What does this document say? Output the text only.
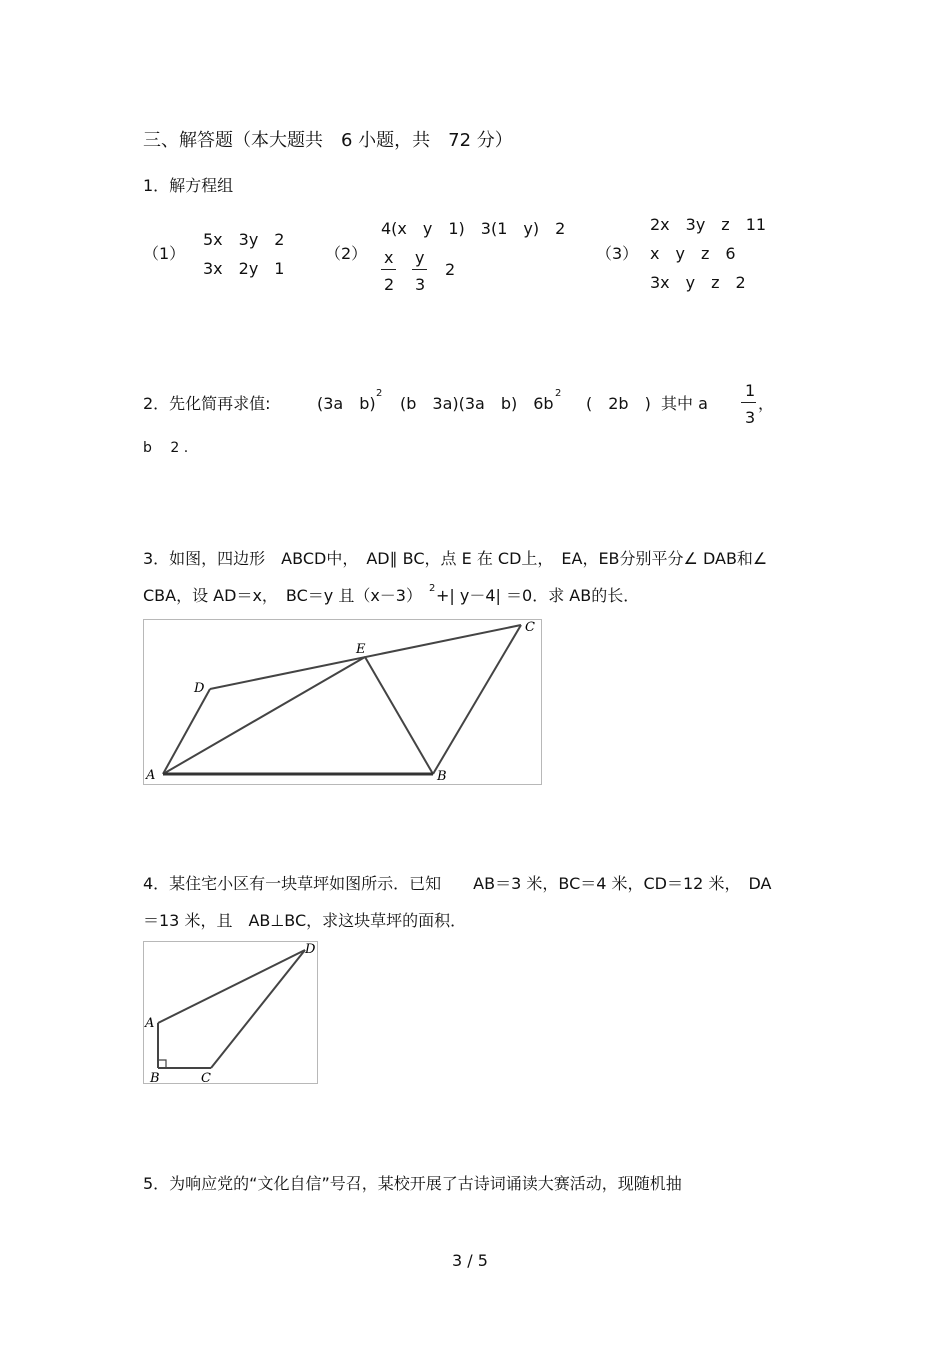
三、解答题（本大题共　6 小题，共　72 分）
1．解方程组
（1）
5x　3y　2
3x　2y　1
（2）
4(x　y　1)　3(1　y)　2
x
2
y
3
2
（3）
2x　3y　z　11
x　y　z　6
3x　y　z　2
2．先化简再求值:	(3a　b)
2
(b　3a)(3a　b)　6b
2
(　2b　) 其中 a
1
3
，
b　 2 .
3．如图，四边形　ABCD中，　AD∥ BC，点 E 在 CD上，　EA，EB分别平分∠ DAB和∠
CBA，设 AD＝x，　BC＝y 且（x－3） 2 +| y－4| ＝0．求 AB的长．
D
E
C
A	B
4．某住宅小区有一块草坪如图所示．已知　　AB＝3 米，BC＝4 米，CD＝12 米，　DA
＝13 米，且　AB⊥BC，求这块草坪的面积．
A
B	C
D
5．为响应党的“文化自信”号召，某校开展了古诗词诵读大赛活动，现随机抽
3 / 5
